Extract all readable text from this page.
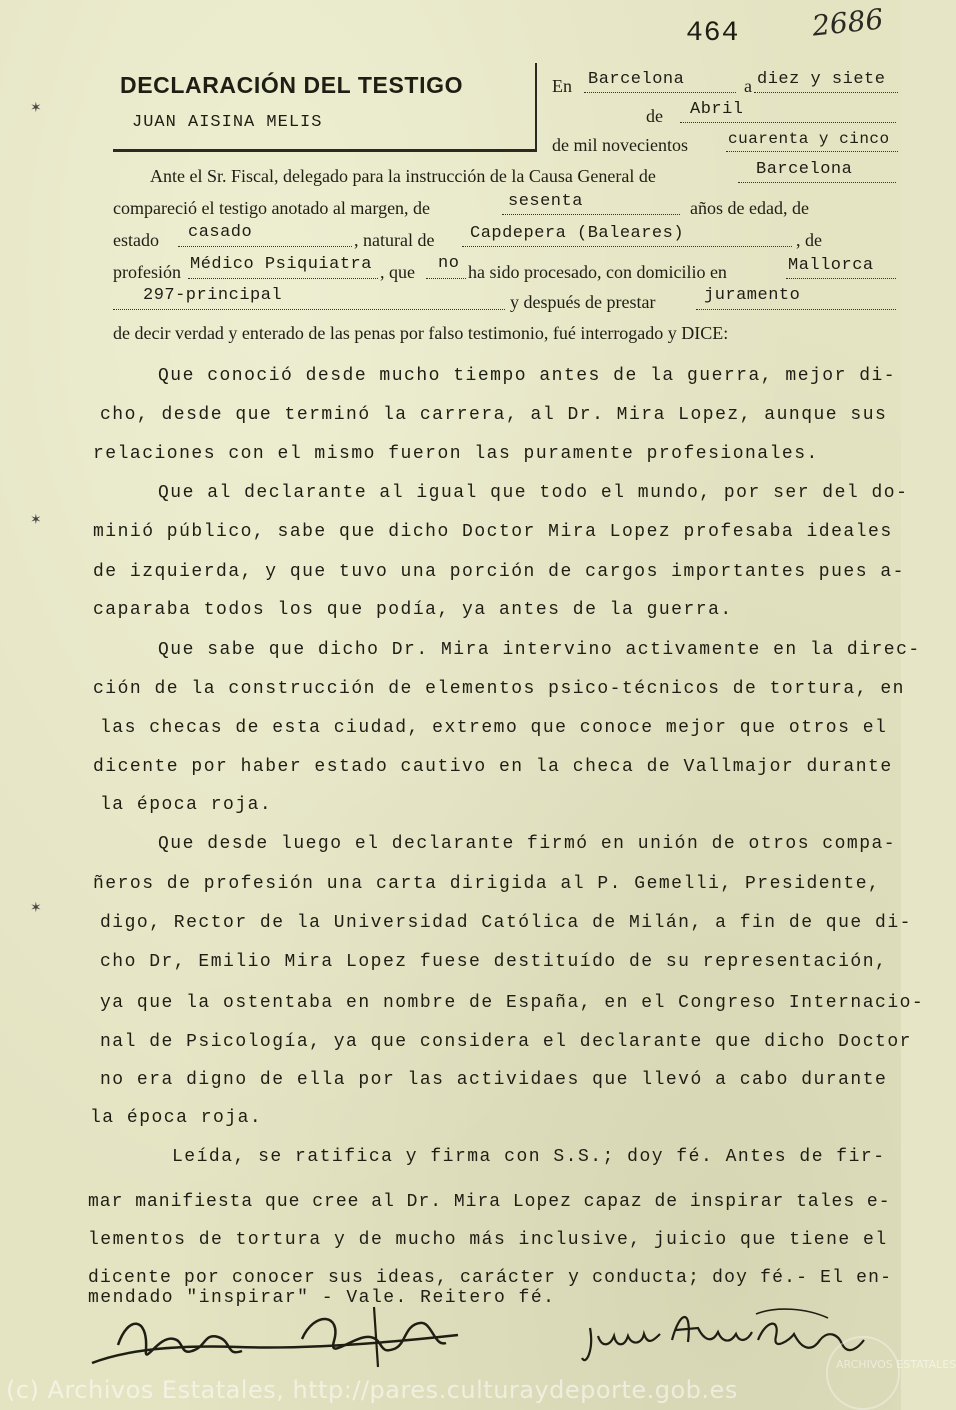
464	2686
DECLARACIÓN DEL TESTIGO
JUAN AISINA MELIS
En Barcelona	a diez y siete
de Abril
de mil novecientos	cuarenta y cinco
Ante el Sr. Fiscal, delegado para la instrucción de la Causa General de	Barcelona
compareció el testigo anotado al margen, de	sesenta	años de edad, de
estado casado	, natural de Capdepera (Baleares)	, de
profesión Médico Psiquiatra , que no ha sido procesado, con domicilio en	Mallorca
297-principal	y después de prestar	juramento
de decir verdad y enterado de las penas por falso testimonio, fué interrogado y DICE:
Que conoció desde mucho tiempo antes de la guerra, mejor di-
cho, desde que terminó la carrera, al Dr. Mira Lopez, aunque sus
relaciones con el mismo fueron las puramente profesionales.
Que al declarante al igual que todo el mundo, por ser del do-
minió público, sabe que dicho Doctor Mira Lopez profesaba ideales
de izquierda, y que tuvo una porción de cargos importantes pues a-
caparaba todos los que podía, ya antes de la guerra.
Que sabe que dicho Dr. Mira intervino activamente en la direc-
ción de la construcción de elementos psico-técnicos de tortura, en
las checas de esta ciudad, extremo que conoce mejor que otros el
dicente por haber estado cautivo en la checa de Vallmajor durante
la época roja.
Que desde luego el declarante firmó en unión de otros compa-
ñeros de profesión una carta dirigida al P. Gemelli, Presidente,
digo, Rector de la Universidad Católica de Milán, a fin de que di-
cho Dr, Emilio Mira Lopez fuese destituído de su representación,
ya que la ostentaba en nombre de España, en el Congreso Internacio-
nal de Psicología, ya que considera el declarante que dicho Doctor
no era digno de ella por las actividaes que llevó a cabo durante
la época roja.
Leída, se ratifica y firma con S.S.; doy fé. Antes de fir-
mar manifiesta que cree al Dr. Mira Lopez capaz de inspirar tales e-
lementos de tortura y de mucho más inclusive, juicio que tiene el
dicente por conocer sus ideas, carácter y conducta; doy fé.- El en-
mendado "inspirar" - Vale. Reitero fé.
✶
✶
✶
ARCHIVOS ESTATALES
(c) Archivos Estatales, http://pares.culturaydeporte.gob.es
